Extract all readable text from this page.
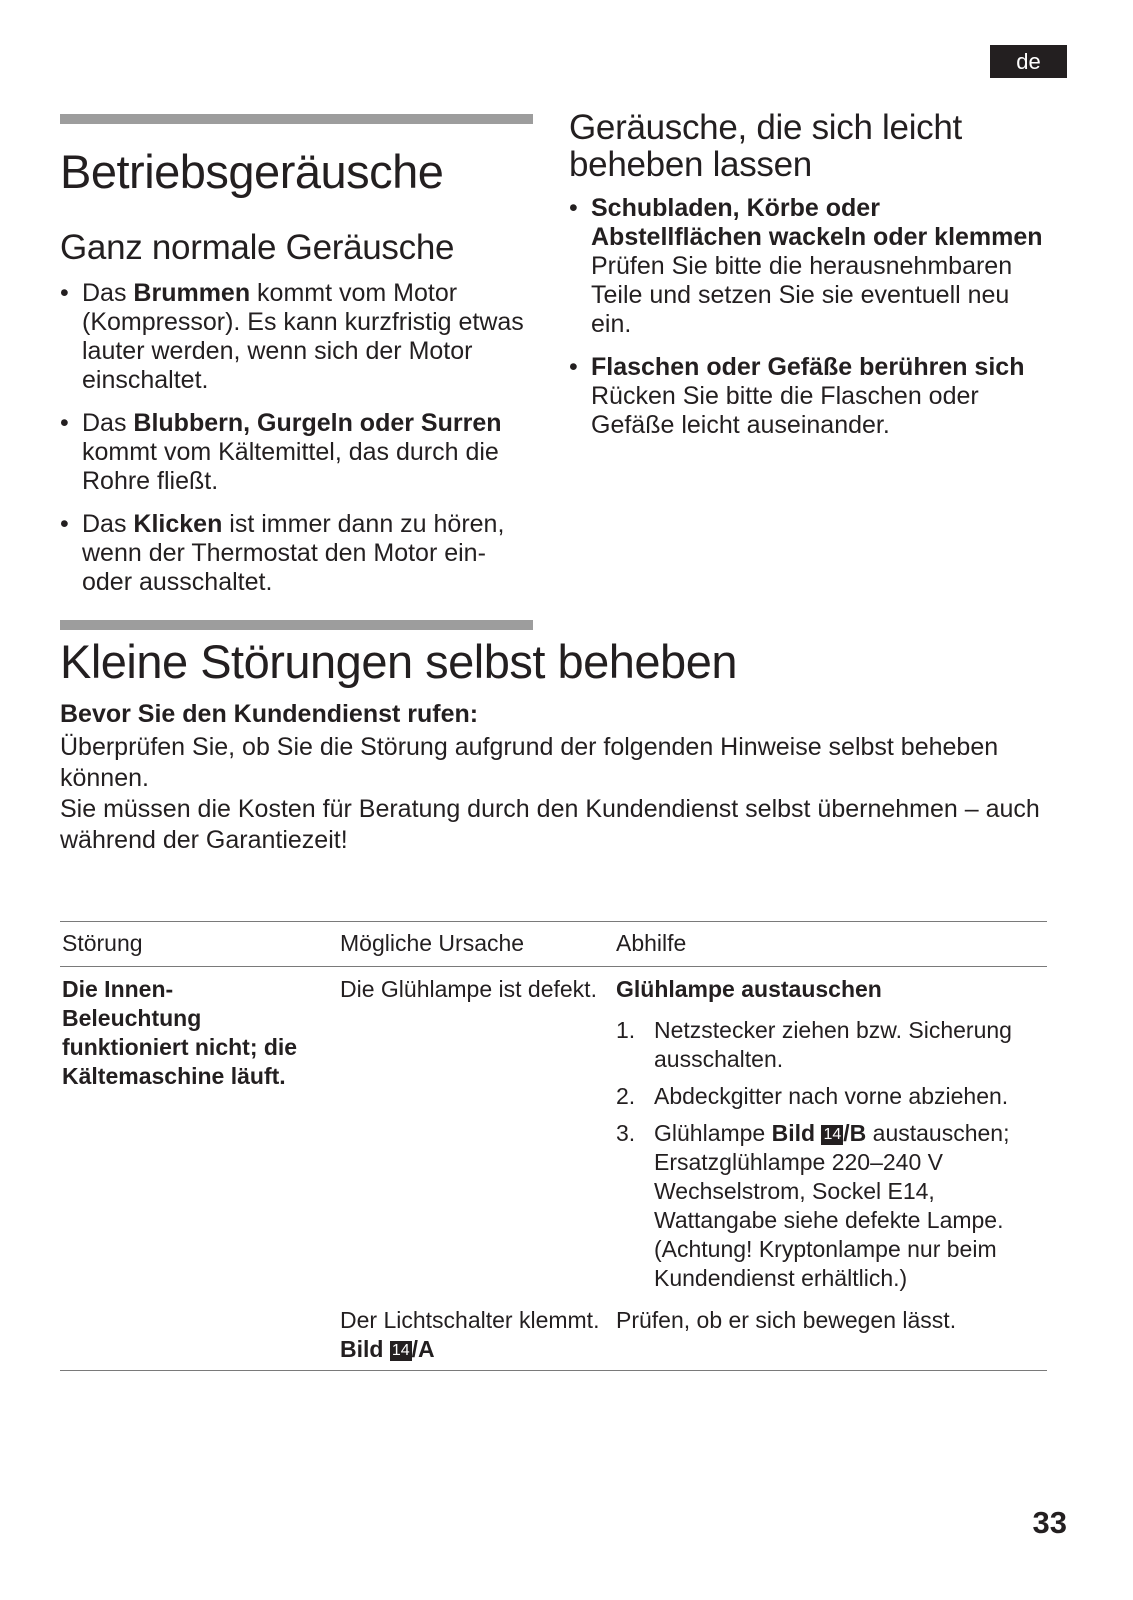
de
Betriebsgeräusche
Ganz normale Geräusche
• Das Brummen kommt vom Motor (Kompressor). Es kann kurzfristig etwas lauter werden, wenn sich der Motor einschaltet.
• Das Blubbern, Gurgeln oder Surren kommt vom Kältemittel, das durch die Rohre fließt.
• Das Klicken ist immer dann zu hören, wenn der Thermostat den Motor ein- oder ausschaltet.
Geräusche, die sich leicht beheben lassen
• Schubladen, Körbe oder Abstellflächen wackeln oder klemmen
Prüfen Sie bitte die herausnehmbaren Teile und setzen Sie sie eventuell neu ein.
• Flaschen oder Gefäße berühren sich
Rücken Sie bitte die Flaschen oder Gefäße leicht auseinander.
Kleine Störungen selbst beheben
Bevor Sie den Kundendienst rufen:
Überprüfen Sie, ob Sie die Störung aufgrund der folgenden Hinweise selbst beheben können.
Sie müssen die Kosten für Beratung durch den Kundendienst selbst übernehmen – auch während der Garantiezeit!
Störung	Mögliche Ursache	Abhilfe
Die Innen-Beleuchtung funktioniert nicht; die Kältemaschine läuft.
Die Glühlampe ist defekt. Glühlampe austauschen
1. Netzstecker ziehen bzw. Sicherung ausschalten.
2. Abdeckgitter nach vorne abziehen.
3. Glühlampe Bild 14/B austauschen; Ersatzglühlampe 220–240 V Wechselstrom, Sockel E14, Wattangabe siehe defekte Lampe. (Achtung! Kryptonlampe nur beim Kundendienst erhältlich.)
Der Lichtschalter klemmt.
Bild 14/A
Prüfen, ob er sich bewegen lässt.
33
